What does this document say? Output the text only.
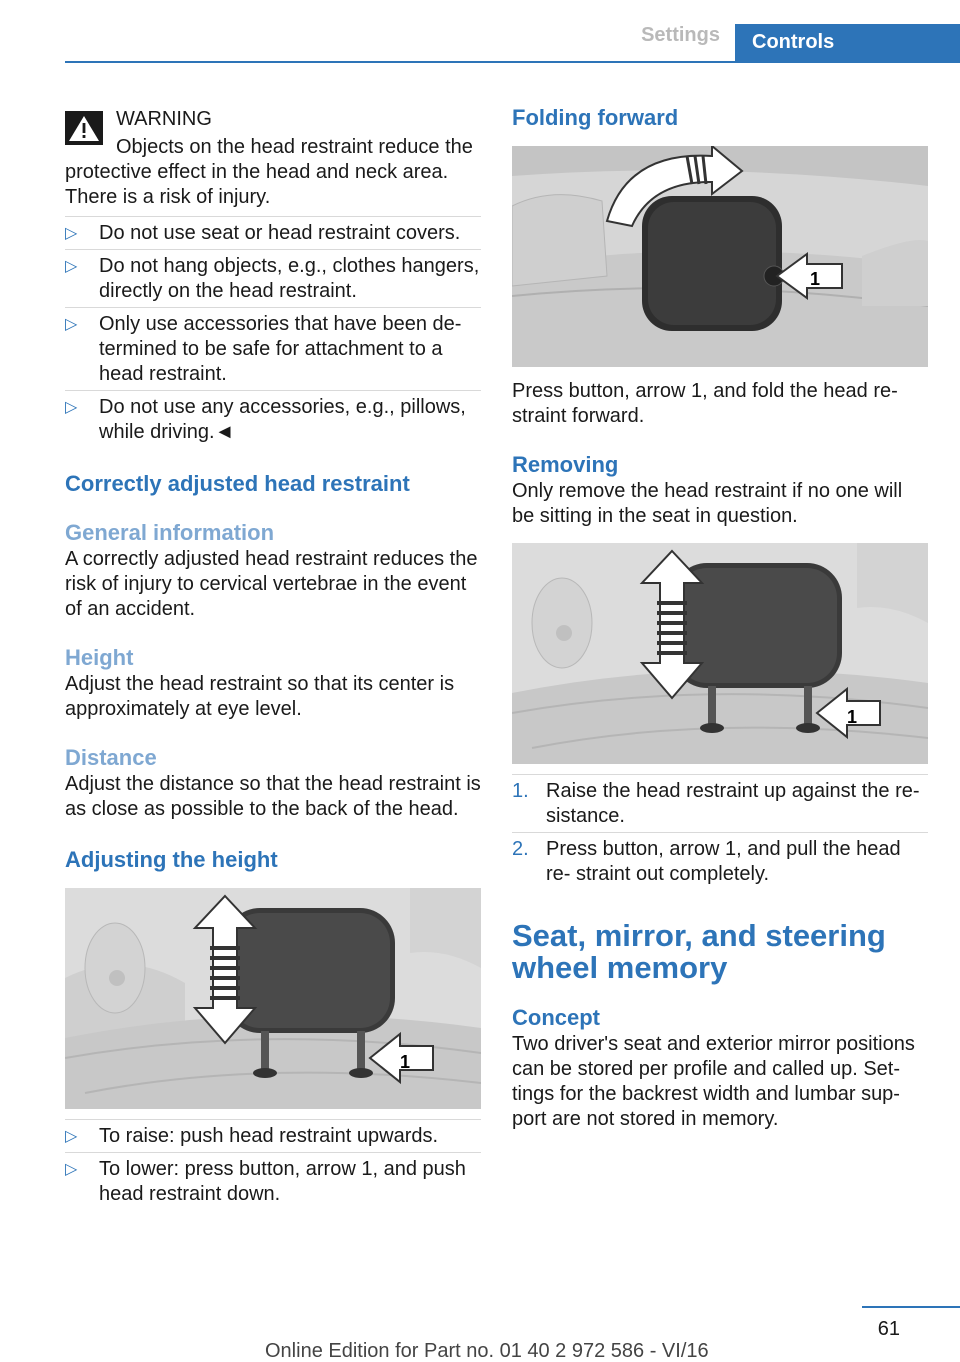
Settings	Controls
WARNING

Objects on the head restraint reduce the protective effect in the head and neck area. There is a risk of injury.

▷ Do not use seat or head restraint covers.
▷ Do not hang objects, e.g., clothes hangers, directly on the head restraint.
▷ Only use accessories that have been de- termined to be safe for attachment to a head restraint.
▷ Do not use any accessories, e.g., pillows, while driving.◄
Correctly adjusted head restraint
General information

A correctly adjusted head restraint reduces the risk of injury to cervical vertebrae in the event of an accident.

Height

Adjust the head restraint so that its center is approximately at eye level.

Distance

Adjust the distance so that the head restraint is as close as possible to the back of the head.

Adjusting the height
1
▷ To raise: push head restraint upwards.
▷ To lower: press button, arrow 1, and push head restraint down.
Folding forward
1

Press button, arrow 1, and fold the head re- straint forward.

Removing

Only remove the head restraint if no one will be sitting in the seat in question.

1
1. Raise the head restraint up against the re- sistance.
2. Press button, arrow 1, and pull the head re- straint out completely.
Seat, mirror, and steering wheel memory
Concept

Two driver's seat and exterior mirror positions can be stored per profile and called up. Set- tings for the backrest width and lumbar sup- port are not stored in memory.

61
Online Edition for Part no. 01 40 2 972 586 - VI/16
